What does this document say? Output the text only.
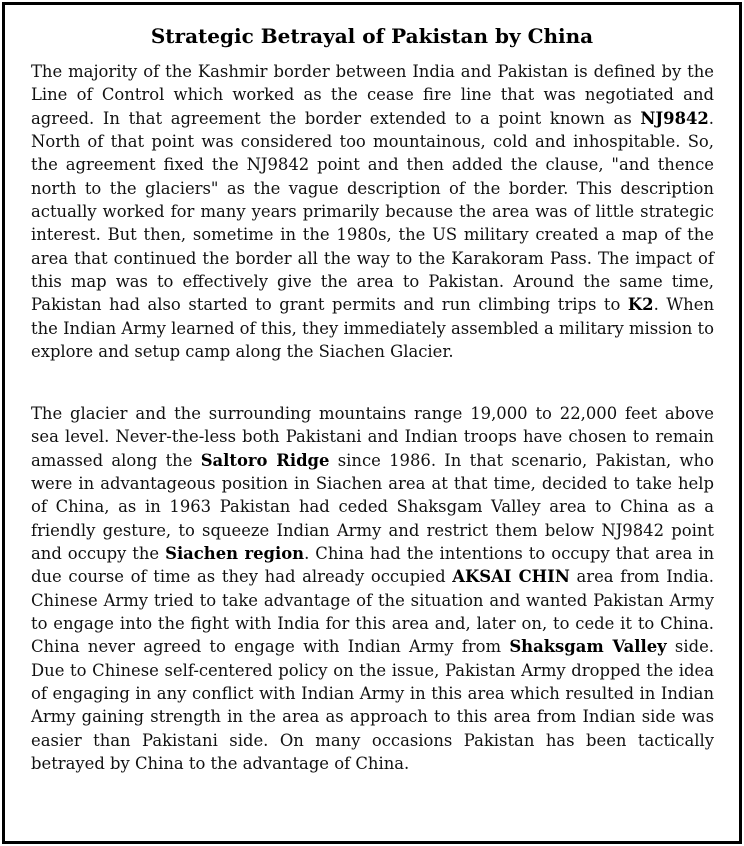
Strategic Betrayal of Pakistan by China

The majority of the Kashmir border between India and Pakistan is defined by the Line of Control which worked as the cease fire line that was negotiated and agreed. In that agreement the border extended to a point known as NJ9842. North of that point was considered too mountainous, cold and inhospitable. So, the agreement fixed the NJ9842 point and then added the clause, "and thence north to the glaciers" as the vague description of the border. This description actually worked for many years primarily because the area was of little strategic interest. But then, sometime in the 1980s, the US military created a map of the area that continued the border all the way to the Karakoram Pass. The impact of this map was to effectively give the area to Pakistan. Around the same time, Pakistan had also started to grant permits and run climbing trips to K2. When the Indian Army learned of this, they immediately assembled a military mission to explore and setup camp along the Siachen Glacier.

The glacier and the surrounding mountains range 19,000 to 22,000 feet above sea level. Never-the-less both Pakistani and Indian troops have chosen to remain amassed along the Saltoro Ridge since 1986. In that scenario, Pakistan, who were in advantageous position in Siachen area at that time, decided to take help of China, as in 1963 Pakistan had ceded Shaksgam Valley area to China as a friendly gesture, to squeeze Indian Army and restrict them below NJ9842 point and occupy the Siachen region. China had the intentions to occupy that area in due course of time as they had already occupied AKSAI CHIN area from India. Chinese Army tried to take advantage of the situation and wanted Pakistan Army to engage into the fight with India for this area and, later on, to cede it to China. China never agreed to engage with Indian Army from Shaksgam Valley side. Due to Chinese self-centered policy on the issue, Pakistan Army dropped the idea of engaging in any conflict with Indian Army in this area which resulted in Indian Army gaining strength in the area as approach to this area from Indian side was easier than Pakistani side. On many occasions Pakistan has been tactically betrayed by China to the advantage of China.
